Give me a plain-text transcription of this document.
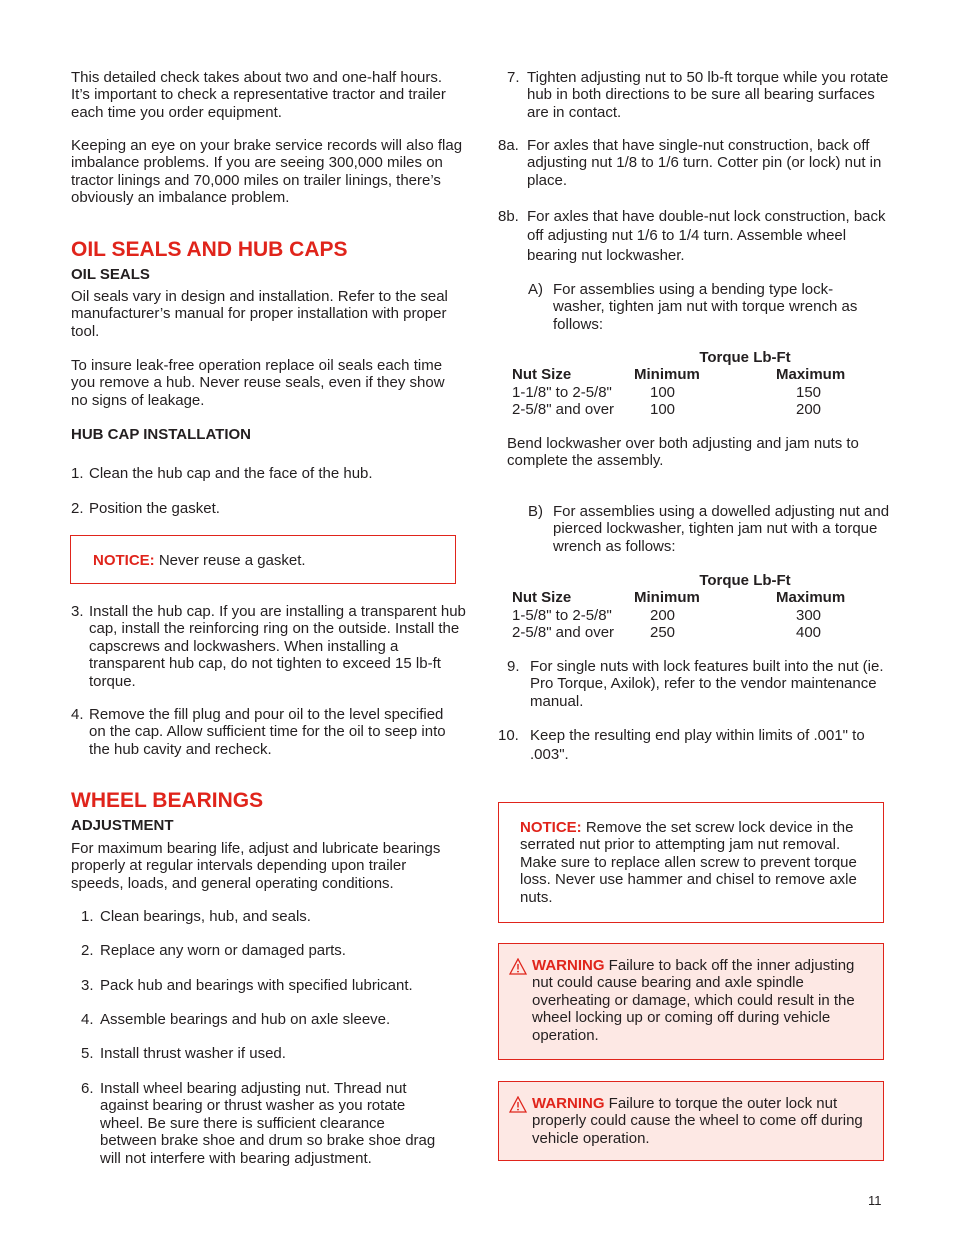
This detailed check takes about two and one-half hours. It’s important to check a representative tractor and trailer each time you order equipment.

Keeping an eye on your brake service records will also flag imbalance problems. If you are seeing 300,000 miles on tractor linings and 70,000 miles on trailer linings, there’s obviously an imbalance problem.

OIL SEALS AND HUB CAPS
OIL SEALS

Oil seals vary in design and installation. Refer to the seal manufacturer’s manual for proper installation with proper tool.

To insure leak-free operation replace oil seals each time you remove a hub. Never reuse seals, even if they show no signs of leakage.

HUB CAP INSTALLATION
1. Clean the hub cap and the face of the hub.
2. Position the gasket.

NOTICE: Never reuse a gasket.

3. Install the hub cap. If you are installing a transparent hub cap, install the reinforcing ring on the outside. Install the capscrews and lockwashers. When installing a transparent hub cap, do not tighten to exceed 15 lb-ft torque.
4. Remove the fill plug and pour oil to the level specified on the cap. Allow sufficient time for the oil to seep into the hub cavity and recheck.
WHEEL BEARINGS
ADJUSTMENT

For maximum bearing life, adjust and lubricate bearings properly at regular intervals depending upon trailer speeds, loads, and general operating conditions.

1. Clean bearings, hub, and seals.
2. Replace any worn or damaged parts.
3. Pack hub and bearings with specified lubricant.
4. Assemble bearings and hub on axle sleeve.
5. Install thrust washer if used.
6. Install wheel bearing adjusting nut. Thread nut against bearing or thrust washer as you rotate wheel. Be sure there is sufficient clearance between brake shoe and drum so brake shoe drag will not interfere with bearing adjustment.
7. Tighten adjusting nut to 50 lb-ft torque while you rotate hub in both directions to be sure all bearing surfaces are in contact.
8a. For axles that have single-nut construction, back off adjusting nut 1/8 to 1/6 turn. Cotter pin (or lock) nut in place.
8b. For axles that have double-nut lock construction, back off adjusting nut 1/6 to 1/4 turn. Assemble wheel bearing nut lockwasher.
A) For assemblies using a bending type lock-washer, tighten jam nut with torque wrench as follows:
	Torque Lb-Ft	
Nut Size	Minimum	Maximum
1-1/8" to 2-5/8"	100	150
2-5/8" and over	100	200

Bend lockwasher over both adjusting and jam nuts to complete the assembly.

B) For assemblies using a dowelled adjusting nut and pierced lockwasher, tighten jam nut with a torque wrench as follows:
	Torque Lb-Ft	
Nut Size	Minimum	Maximum
1-5/8" to 2-5/8"	200	300
2-5/8" and over	250	400
9. For single nuts with lock features built into the nut (ie. Pro Torque, Axilok), refer to the vendor maintenance manual.
10. Keep the resulting end play within limits of .001" to .003".

NOTICE: Remove the set screw lock device in the serrated nut prior to attempting jam nut removal. Make sure to replace allen screw to prevent torque loss. Never use hammer and chisel to remove axle nuts.

WARNING Failure to back off the inner adjusting nut could cause bearing and axle spindle overheating or damage, which could result in the wheel locking up or coming off during vehicle operation.

WARNING Failure to torque the outer lock nut properly could cause the wheel to come off during vehicle operation.

11
